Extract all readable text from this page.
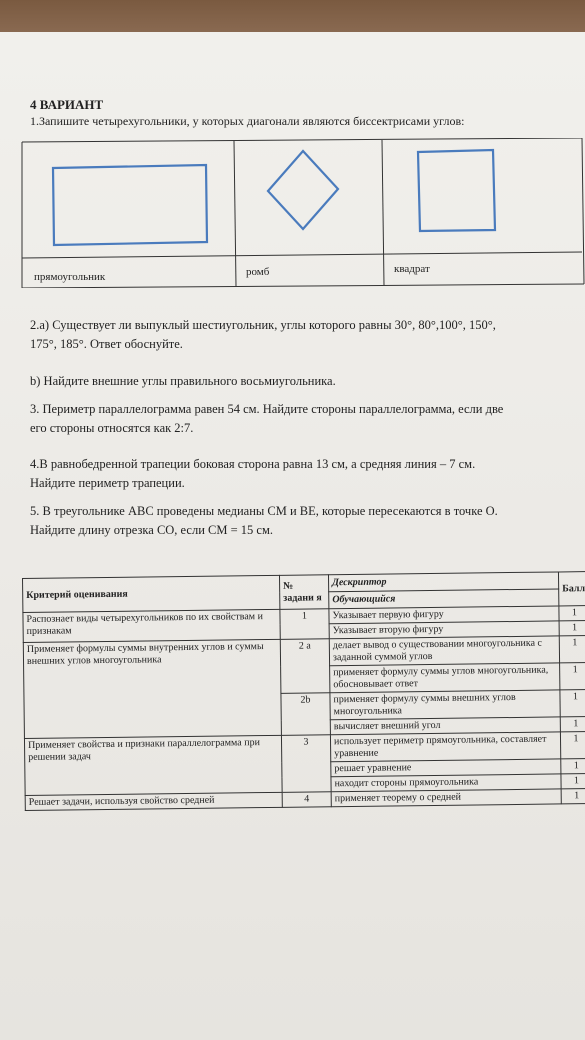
4 ВАРИАНТ
1.Запишите четырехугольники, у которых диагонали являются биссектрисами углов:
прямоугольник	ромб	квадрат
2.а) Существует ли выпуклый шестиугольник, углы которого равны 30°, 80°,100°, 150°,
175°, 185°. Ответ обоснуйте.
b) Найдите внешние углы правильного восьмиугольника.
3. Периметр параллелограмма равен 54 см. Найдите стороны параллелограмма, если две
его стороны относятся как 2:7.
4.В равнобедренной трапеции боковая сторона равна 13 см, а средняя линия – 7 см.
Найдите периметр трапеции.
5. В треугольнике АВС проведены медианы СМ и ВЕ, которые пересекаются в точке О.
Найдите длину отрезка СО, если СМ = 15 см.
Критерий оценивания	№ задани я	Дескриптор	Балл
		Обучающийся	
Распознает виды четырехугольников по их свойствам и признакам	1	Указывает первую фигуру	1
		Указывает вторую фигуру	1
Применяет формулы суммы внутренних углов и суммы внешних углов многоугольника	2 а	делает вывод о существовании многоугольника с заданной суммой углов	1
		применяет формулу суммы углов многоугольника, обосновывает ответ	1
	2b	применяет формулу суммы внешних углов многоугольника	1
		вычисляет внешний угол	1
Применяет свойства и признаки параллелограмма при решении задач	3	использует периметр прямоугольника, составляет уравнение	1
		решает уравнение	1
		находит стороны прямоугольника	1
Решает задачи, используя свойство средней	4	применяет теорему о средней	1
